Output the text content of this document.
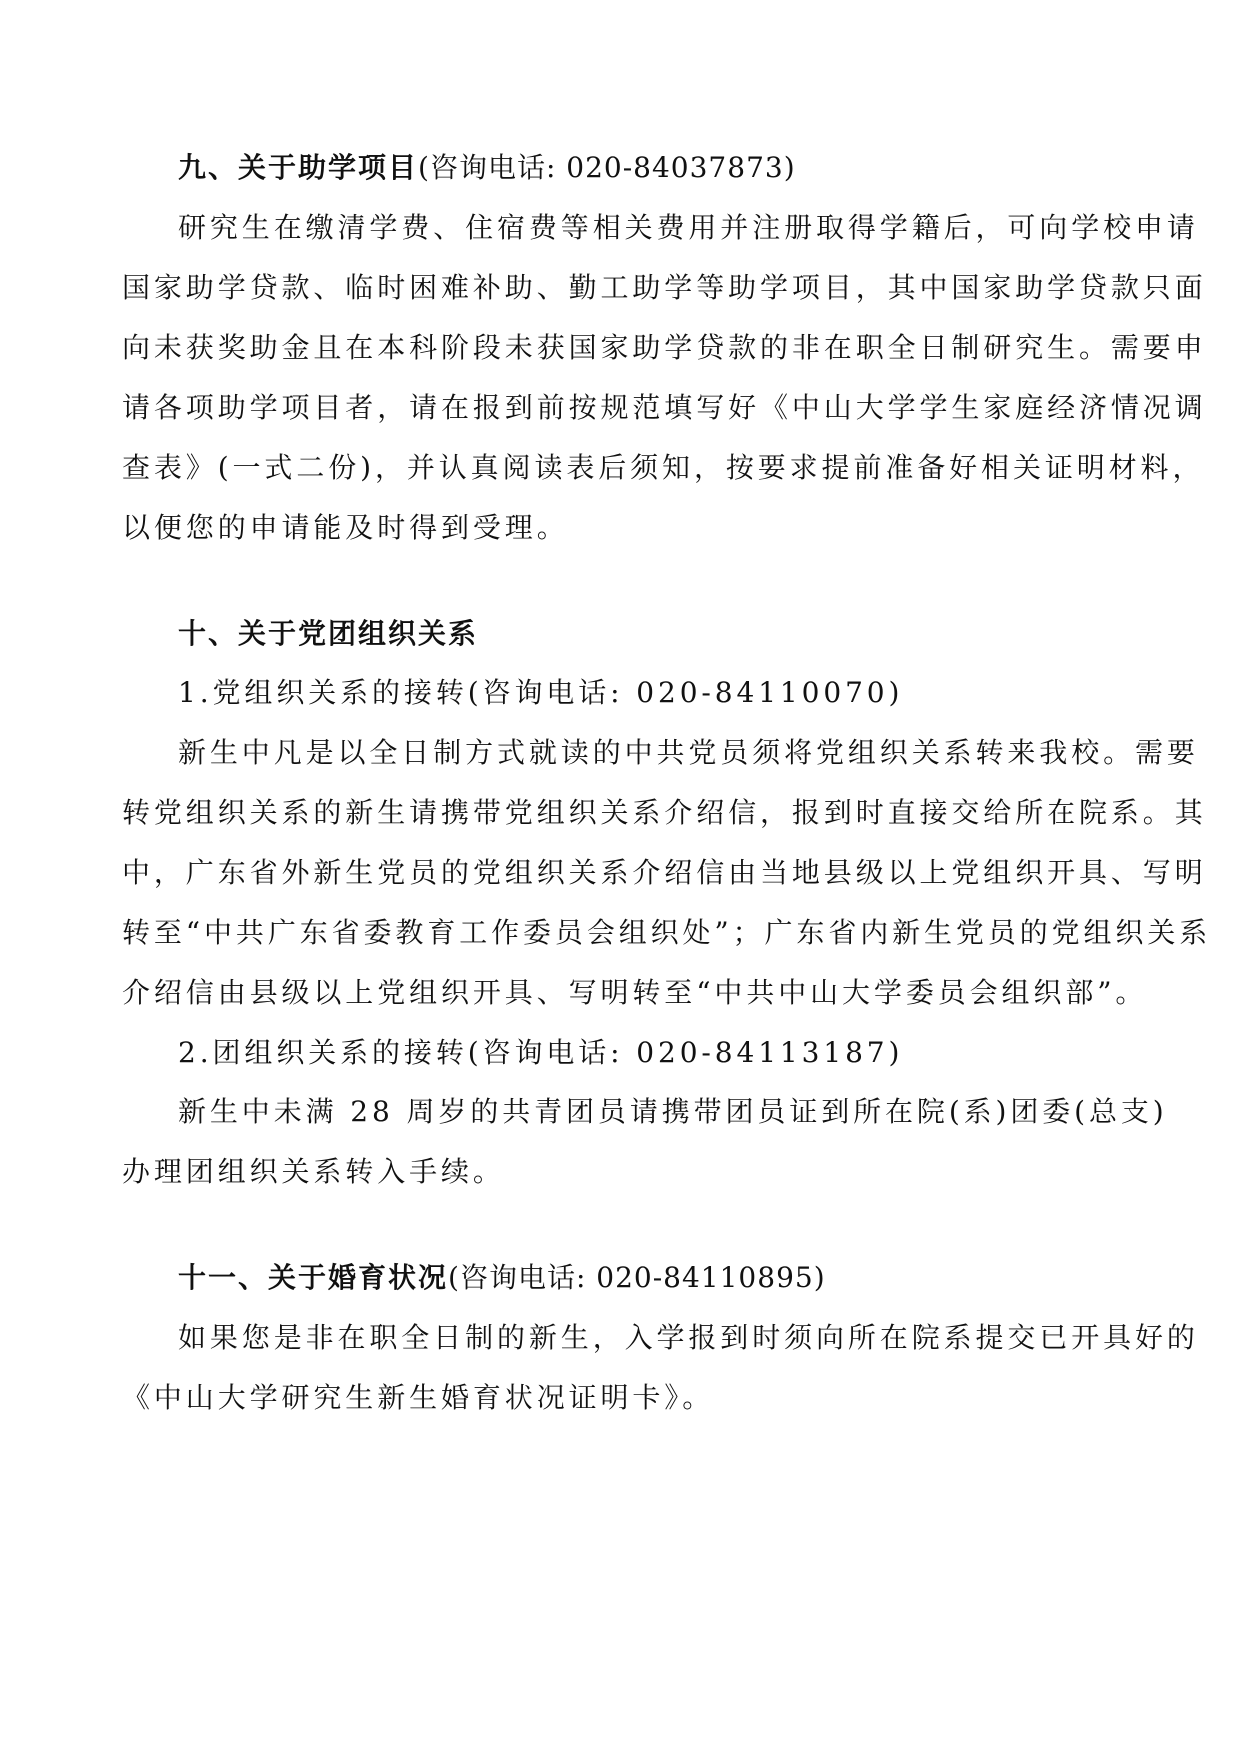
九、关于助学项目(咨询电话: 020-84037873)
研究生在缴清学费、住宿费等相关费用并注册取得学籍后，可向学校申请
国家助学贷款、临时困难补助、勤工助学等助学项目，其中国家助学贷款只面
向未获奖助金且在本科阶段未获国家助学贷款的非在职全日制研究生。需要申
请各项助学项目者，请在报到前按规范填写好《中山大学学生家庭经济情况调
查表》(一式二份)，并认真阅读表后须知，按要求提前准备好相关证明材料，
以便您的申请能及时得到受理。
十、关于党团组织关系
1.党组织关系的接转(咨询电话: 020-84110070)
新生中凡是以全日制方式就读的中共党员须将党组织关系转来我校。需要
转党组织关系的新生请携带党组织关系介绍信，报到时直接交给所在院系。其
中，广东省外新生党员的党组织关系介绍信由当地县级以上党组织开具、写明
转至“中共广东省委教育工作委员会组织处”；广东省内新生党员的党组织关系
介绍信由县级以上党组织开具、写明转至“中共中山大学委员会组织部”。
2.团组织关系的接转(咨询电话: 020-84113187)
新生中未满 28 周岁的共青团员请携带团员证到所在院(系)团委(总支)
办理团组织关系转入手续。
十一、关于婚育状况(咨询电话: 020-84110895)
如果您是非在职全日制的新生，入学报到时须向所在院系提交已开具好的
《中山大学研究生新生婚育状况证明卡》。
